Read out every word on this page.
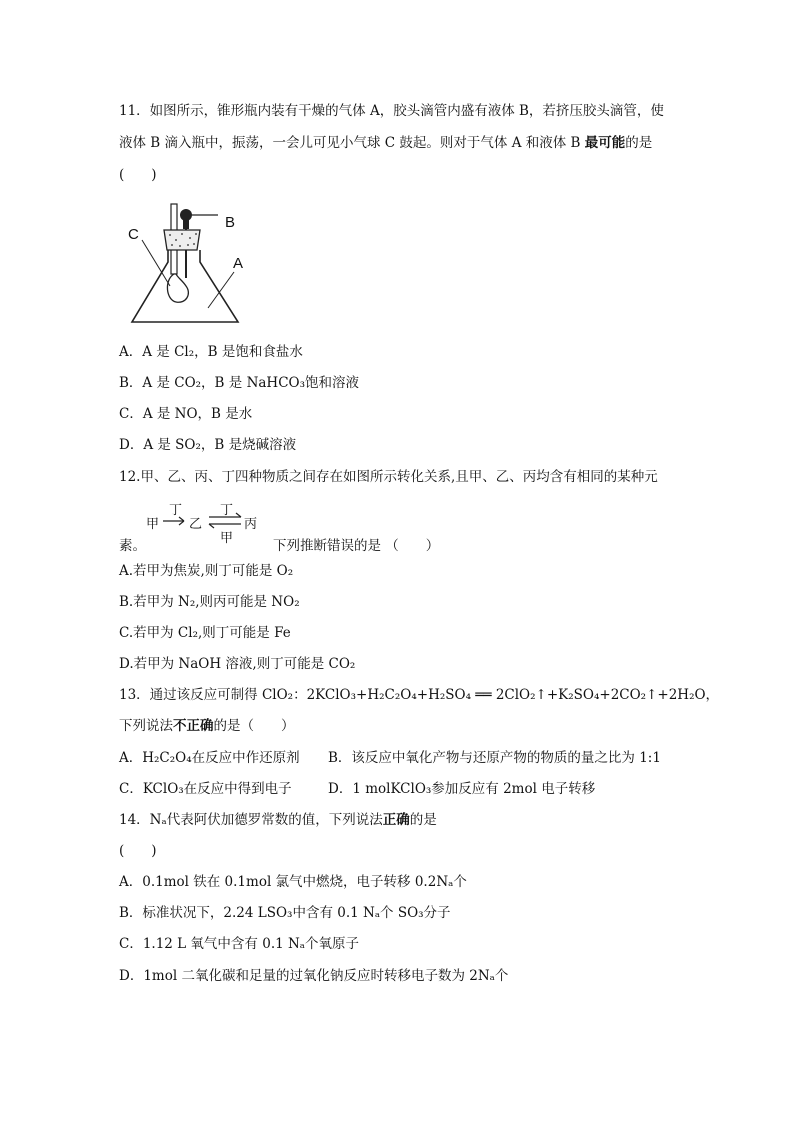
11．如图所示，锥形瓶内装有干燥的气体 A，胶头滴管内盛有液体 B，若挤压胶头滴管，使
液体 B 滴入瓶中，振荡，一会儿可见小气球 C 鼓起。则对于气体 A 和液体 B 最可能的是
(　　)
C
B
A
A．A 是 Cl₂，B 是饱和食盐水
B．A 是 CO₂，B 是 NaHCO₃饱和溶液
C．A 是 NO，B 是水
D．A 是 SO₂，B 是烧碱溶液
12.甲、乙、丙、丁四种物质之间存在如图所示转化关系,且甲、乙、丙均含有相同的某种元
甲
丁
乙
丁
丙
甲
素。	下列推断错误的是 （　　）
A.若甲为焦炭,则丁可能是 O₂
B.若甲为 N₂,则丙可能是 NO₂
C.若甲为 Cl₂,则丁可能是 Fe
D.若甲为 NaOH 溶液,则丁可能是 CO₂
13．通过该反应可制得 ClO₂：2KClO₃+H₂C₂O₄+H₂SO₄ ══ 2ClO₂↑+K₂SO₄+2CO₂↑+2H₂O，
下列说法不正确的是（　　）
A．H₂C₂O₄在反应中作还原剂 B．该反应中氧化产物与还原产物的物质的量之比为 1:1
C．KClO₃在反应中得到电子	D．1 molKClO₃参加反应有 2mol 电子转移
14．Nₐ代表阿伏加德罗常数的值，下列说法正确的是
(　　)
A．0.1mol 铁在 0.1mol 氯气中燃烧，电子转移 0.2Nₐ个
B．标准状况下，2.24 LSO₃中含有 0.1 Nₐ个 SO₃分子
C．1.12 L 氧气中含有 0.1 Nₐ个氧原子
D．1mol 二氧化碳和足量的过氧化钠反应时转移电子数为 2Nₐ个
